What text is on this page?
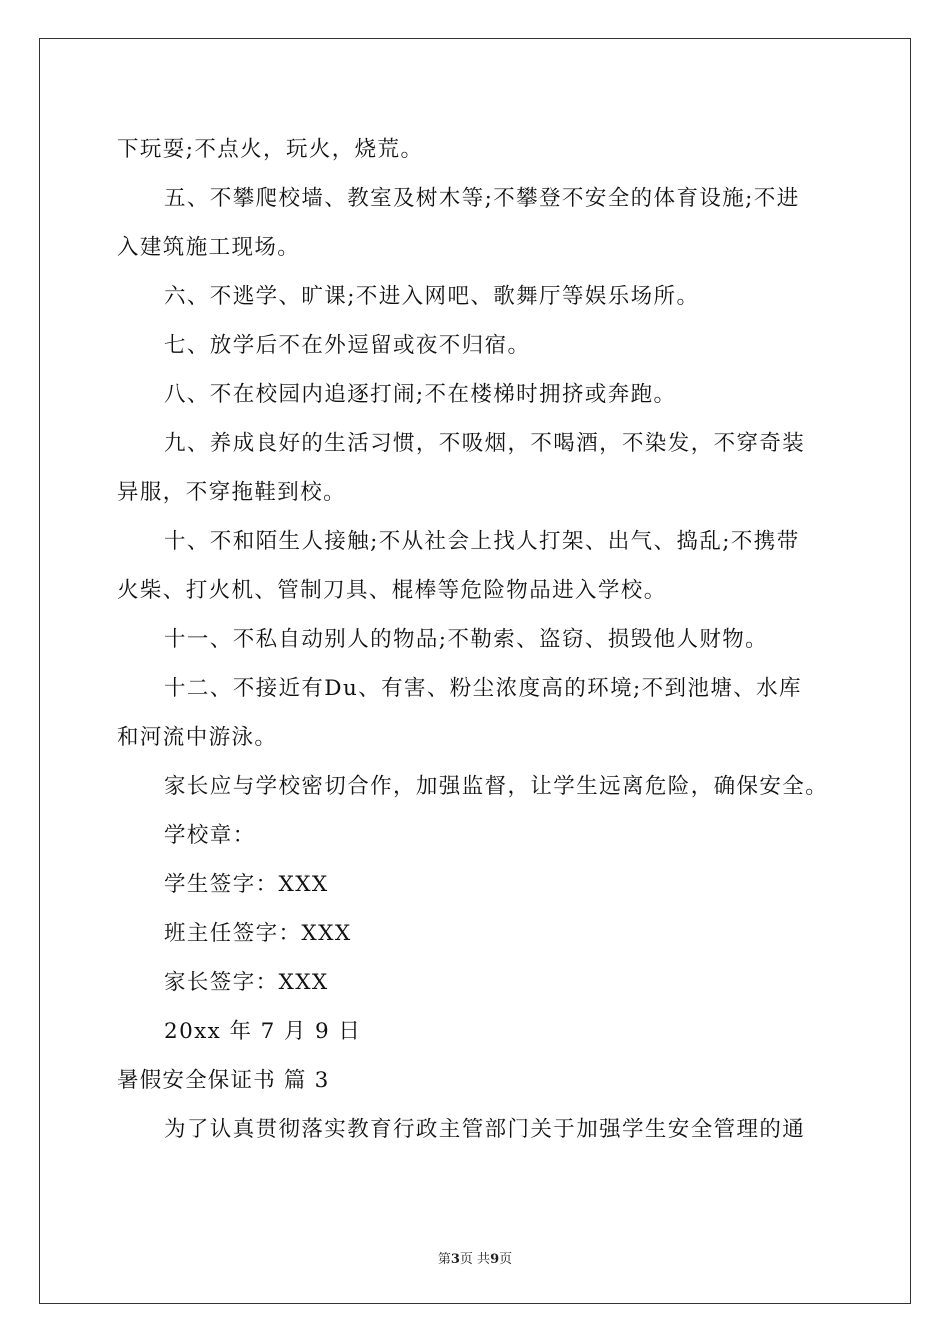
下玩耍;不点火，玩火，烧荒。
五、不攀爬校墙、教室及树木等;不攀登不安全的体育设施;不进
入建筑施工现场。
六、不逃学、旷课;不进入网吧、歌舞厅等娱乐场所。
七、放学后不在外逗留或夜不归宿。
八、不在校园内追逐打闹;不在楼梯时拥挤或奔跑。
九、养成良好的生活习惯，不吸烟，不喝酒，不染发，不穿奇装
异服，不穿拖鞋到校。
十、不和陌生人接触;不从社会上找人打架、出气、捣乱;不携带
火柴、打火机、管制刀具、棍棒等危险物品进入学校。
十一、不私自动别人的物品;不勒索、盗窃、损毁他人财物。
十二、不接近有Du、有害、粉尘浓度高的环境;不到池塘、水库
和河流中游泳。
家长应与学校密切合作，加强监督，让学生远离危险，确保安全。
学校章：
学生签字：XXX
班主任签字：XXX
家长签字：XXX
20xx 年 7 月 9 日
暑假安全保证书 篇 3
为了认真贯彻落实教育行政主管部门关于加强学生安全管理的通
第3页 共9页
